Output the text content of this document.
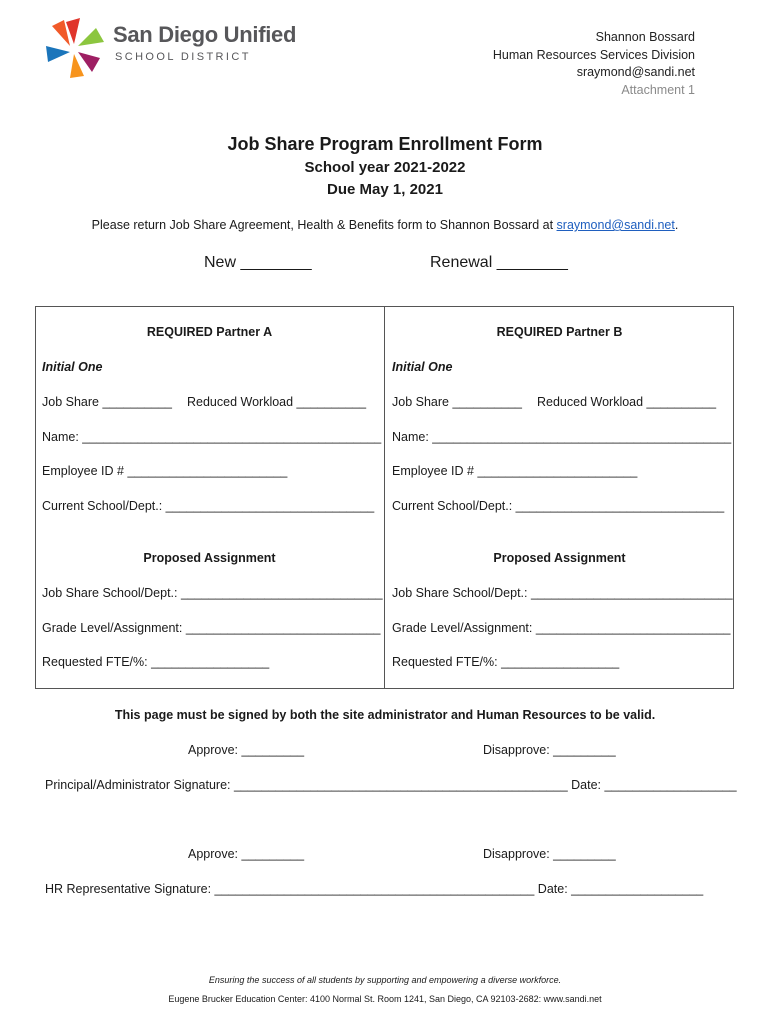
San Diego Unified
SCHOOL DISTRICT
Shannon Bossard
Human Resources Services Division
sraymond@sandi.net
Attachment 1
Job Share Program Enrollment Form
School year 2021-2022
Due May 1, 2021
Please return Job Share Agreement, Health & Benefits form to Shannon Bossard at sraymond@sandi.net.
New ________	Renewal ________
REQUIRED Partner A
Initial One
Job Share __________ Reduced Workload __________
Name: ___________________________________________
Employee ID # _______________________
Current School/Dept.: ______________________________
Proposed Assignment
Job Share School/Dept.: _____________________________
Grade Level/Assignment: ____________________________
Requested FTE/%: _________________
REQUIRED Partner B
Initial One
Job Share __________ Reduced Workload __________
Name: ___________________________________________
Employee ID # _______________________
Current School/Dept.: ______________________________
Proposed Assignment
Job Share School/Dept.: _____________________________
Grade Level/Assignment: ____________________________
Requested FTE/%: _________________
This page must be signed by both the site administrator and Human Resources to be valid.
Approve: _________	Disapprove: _________
Principal/Administrator Signature: ________________________________________________ Date: ___________________
Approve: _________	Disapprove: _________
HR Representative Signature: ______________________________________________ Date: ___________________
Ensuring the success of all students by supporting and empowering a diverse workforce.
Eugene Brucker Education Center: 4100 Normal St. Room 1241, San Diego, CA 92103-2682: www.sandi.net
